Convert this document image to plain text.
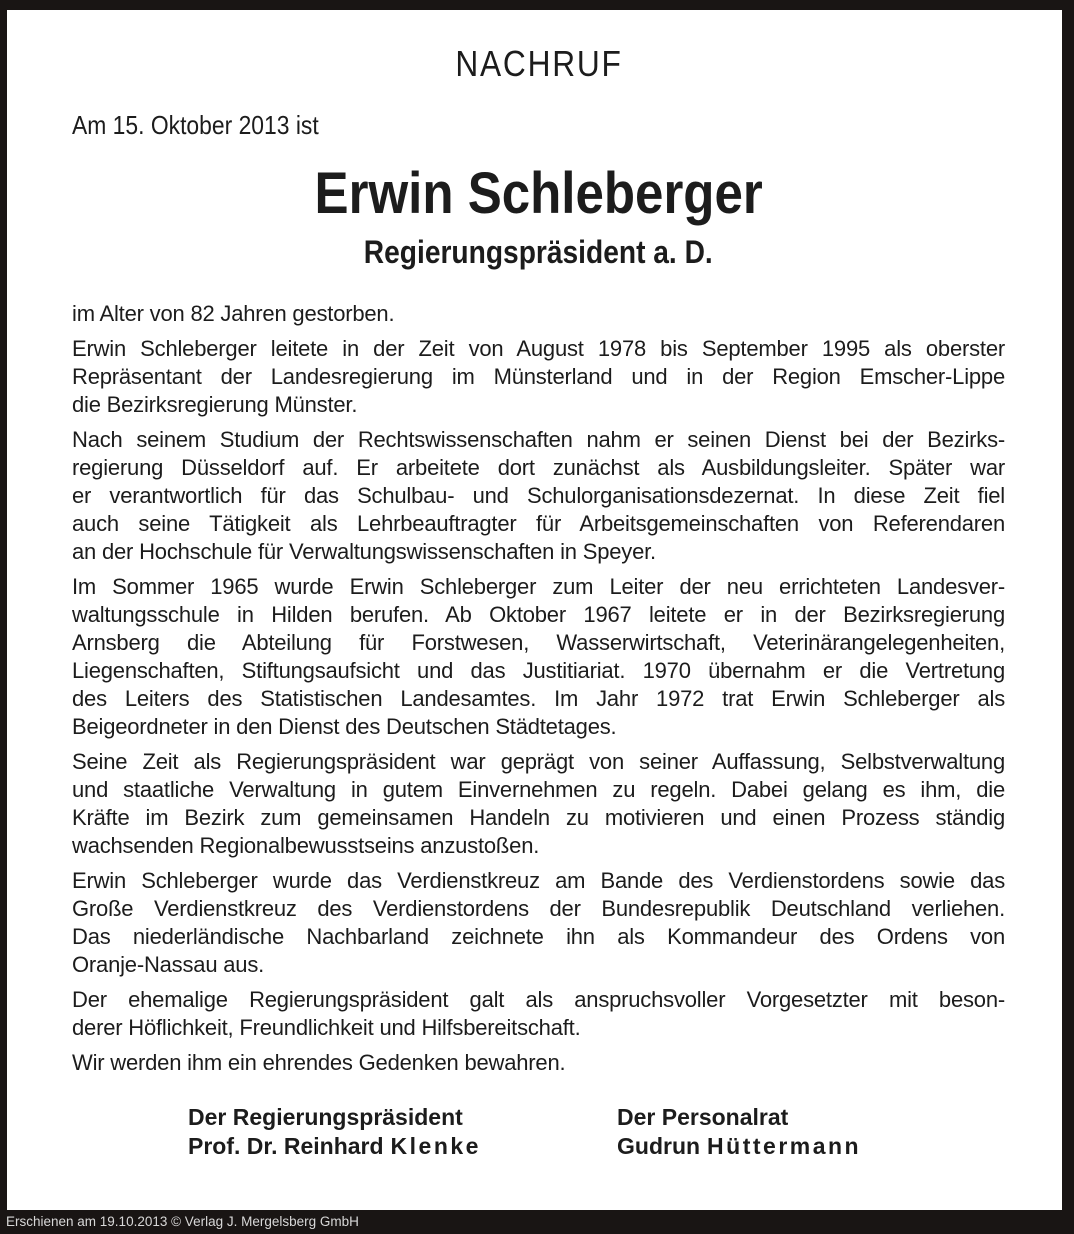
NACHRUF
Am 15. Oktober 2013 ist
Erwin Schleberger
Regierungspräsident a. D.
im Alter von 82 Jahren gestorben.
Erwin Schleberger leitete in der Zeit von August 1978 bis September 1995 als oberster
Repräsentant der Landesregierung im Münsterland und in der Region Emscher-Lippe
die Bezirksregierung Münster.
Nach seinem Studium der Rechtswissenschaften nahm er seinen Dienst bei der Bezirks-
regierung Düsseldorf auf. Er arbeitete dort zunächst als Ausbildungsleiter. Später war
er verantwortlich für das Schulbau- und Schulorganisationsdezernat. In diese Zeit fiel
auch seine Tätigkeit als Lehrbeauftragter für Arbeitsgemeinschaften von Referendaren
an der Hochschule für Verwaltungswissenschaften in Speyer.
Im Sommer 1965 wurde Erwin Schleberger zum Leiter der neu errichteten Landesver-
waltungsschule in Hilden berufen. Ab Oktober 1967 leitete er in der Bezirksregierung
Arnsberg die Abteilung für Forstwesen, Wasserwirtschaft, Veterinärangelegenheiten,
Liegenschaften, Stiftungsaufsicht und das Justitiariat. 1970 übernahm er die Vertretung
des Leiters des Statistischen Landesamtes. Im Jahr 1972 trat Erwin Schleberger als
Beigeordneter in den Dienst des Deutschen Städtetages.
Seine Zeit als Regierungspräsident war geprägt von seiner Auffassung, Selbstverwaltung
und staatliche Verwaltung in gutem Einvernehmen zu regeln. Dabei gelang es ihm, die
Kräfte im Bezirk zum gemeinsamen Handeln zu motivieren und einen Prozess ständig
wachsenden Regionalbewusstseins anzustoßen.
Erwin Schleberger wurde das Verdienstkreuz am Bande des Verdienstordens sowie das
Große Verdienstkreuz des Verdienstordens der Bundesrepublik Deutschland verliehen.
Das niederländische Nachbarland zeichnete ihn als Kommandeur des Ordens von
Oranje-Nassau aus.
Der ehemalige Regierungspräsident galt als anspruchsvoller Vorgesetzter mit beson-
derer Höflichkeit, Freundlichkeit und Hilfsbereitschaft.
Wir werden ihm ein ehrendes Gedenken bewahren.
Der Regierungspräsident
Prof. Dr. Reinhard Klenke
Der Personalrat
Gudrun Hüttermann
Erschienen am 19.10.2013 © Verlag J. Mergelsberg GmbH
